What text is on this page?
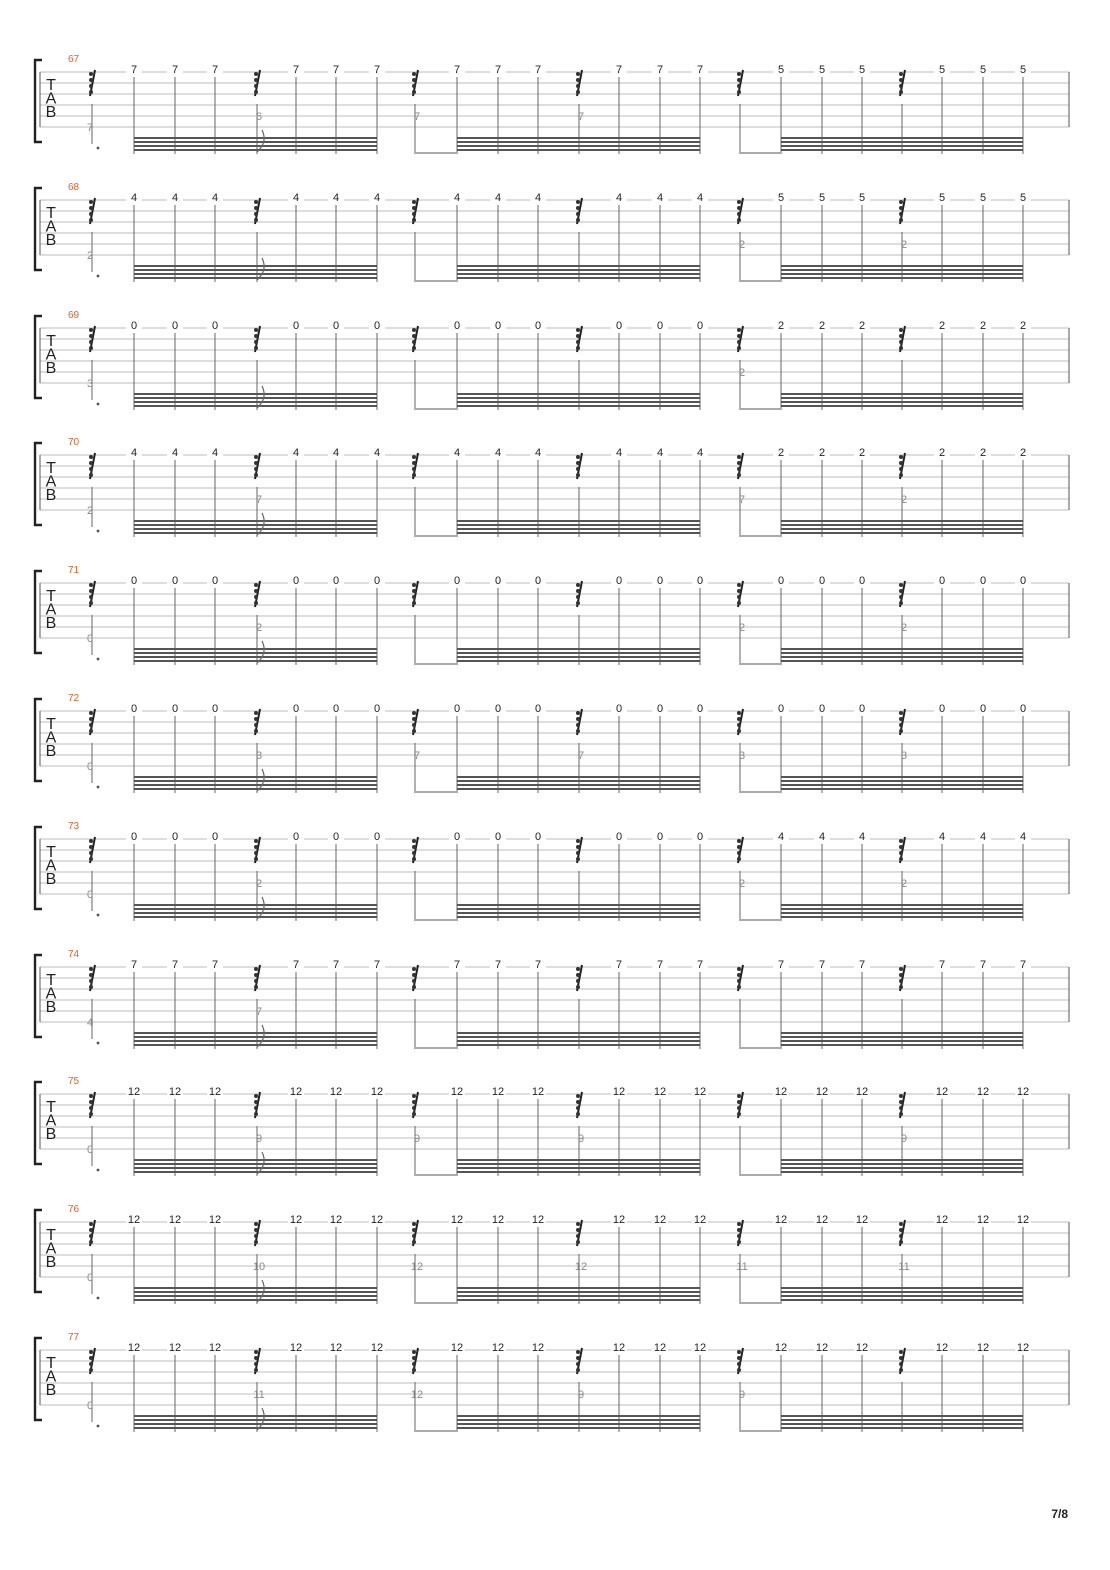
67
T
A
B
7	7	7	7	7	7	7	7	7	7	7	7	5	5	5	5	5	5
7
6	7	7
68
T
A
B
4	4	4	4	4	4	4	4	4	4	4	4	5	5	5	5	5	5
2
2	2
69
T
A
B
0	0	0	0	0	0	0	0	0	0	0	0	2	2	2	2	2	2
3
2
70
T
A
B
4	4	4	4	4	4	4	4	4	4	4	4	2	2	2	2	2	2
2
7	7	2
71
T
A
B
0	0	0	0	0	0	0	0	0	0	0	0	0	0	0	0	0	0
0
2	2	2
72
T
A
B
0	0	0	0	0	0	0	0	0	0	0	0	0	0	0	0	0	0
0
3	7	7	3	3
73
T
A
B
0	0	0	0	0	0	0	0	0	0	0	0	4	4	4	4	4	4
0
2	2	2
74
T
A
B
7	7	7	7	7	7	7	7	7	7	7	7	7	7	7	7	7	7
4
7
75
T
A
B
12	12	12	12	12	12	12	12	12	12	12	12	12	12	12	12	12	12
0
9	9	9	9
76
T
A
B
12	12	12	12	12	12	12	12	12	12	12	12	12	12	12	12	12	12
0
10	12	12	11	11
77
T
A
B
12	12	12	12	12	12	12	12	12	12	12	12	12	12	12	12	12	12
0
11	12	9	9
7/8
